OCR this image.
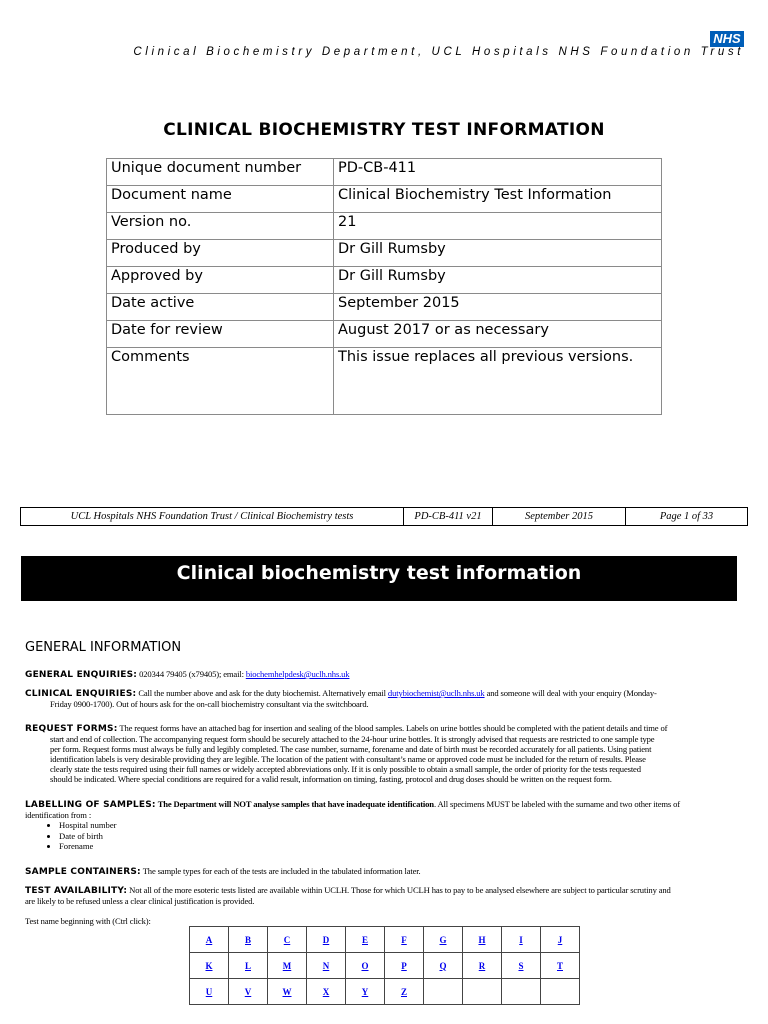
NHS
Clinical Biochemistry Department, UCL Hospitals NHS Foundation Trust
CLINICAL BIOCHEMISTRY TEST INFORMATION
Unique document number	PD-CB-411
Document name	Clinical Biochemistry Test Information
Version no.	21
Produced by	Dr Gill Rumsby
Approved by	Dr Gill Rumsby
Date active	September 2015
Date for review	August 2017 or as necessary
Comments	This issue replaces all previous versions.
UCL Hospitals NHS Foundation Trust / Clinical Biochemistry tests	PD-CB-411 v21	September 2015	Page 1 of 33
Clinical biochemistry test information
GENERAL INFORMATION
GENERAL ENQUIRIES: 020344 79405 (x79405); email: biochemhelpdesk@uclh.nhs.uk
CLINICAL ENQUIRIES: Call the number above and ask for the duty biochemist. Alternatively email dutybiochemist@uclh.nhs.uk and someone will deal with your enquiry (Monday-
Friday 0900-1700). Out of hours ask for the on-call biochemistry consultant via the switchboard.
REQUEST FORMS: The request forms have an attached bag for insertion and sealing of the blood samples. Labels on urine bottles should be completed with the patient details and time of
start and end of collection. The accompanying request form should be securely attached to the 24-hour urine bottles. It is strongly advised that requests are restricted to one sample type
per form. Request forms must always be fully and legibly completed. The case number, surname, forename and date of birth must be recorded accurately for all patients. Using patient
identification labels is very desirable providing they are legible. The location of the patient with consultant’s name or approved code must be included for the return of results. Please
clearly state the tests required using their full names or widely accepted abbreviations only. If it is only possible to obtain a small sample, the order of priority for the tests requested
should be indicated. Where special conditions are required for a valid result, information on timing, fasting, protocol and drug doses should be written on the request form.
LABELLING OF SAMPLES: The Department will NOT analyse samples that have inadequate identification. All specimens MUST be labeled with the surname and two other items of
identification from :
• Hospital number
• Date of birth
• Forename
SAMPLE CONTAINERS: The sample types for each of the tests are included in the tabulated information later.
TEST AVAILABILITY: Not all of the more esoteric tests listed are available within UCLH. Those for which UCLH has to pay to be analysed elsewhere are subject to particular scrutiny and
are likely to be refused unless a clear clinical justification is provided.
Test name beginning with (Ctrl click):
A	B	C	D	E	F	G	H	I	J
K	L	M	N	O	P	Q	R	S	T
U	V	W	X	Y	Z				
